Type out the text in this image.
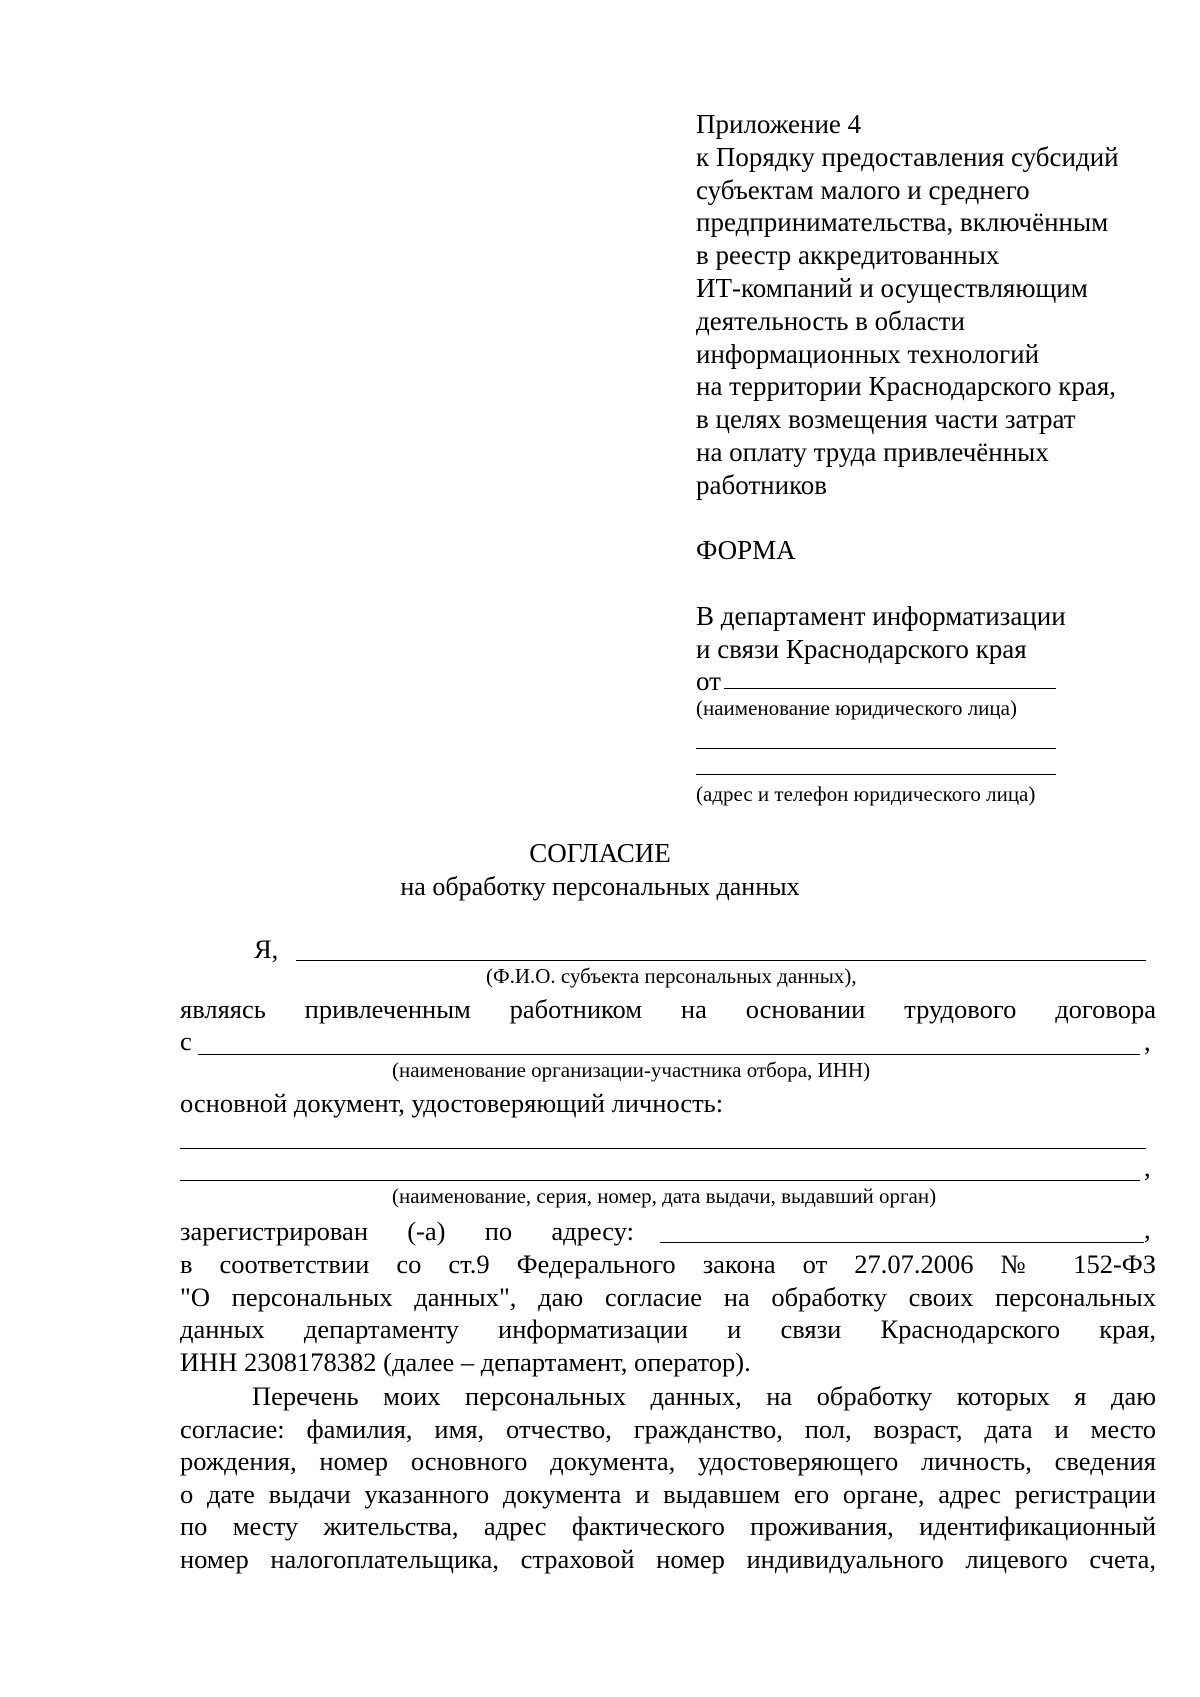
Приложение 4
к Порядку предоставления субсидий
субъектам малого и среднего
предпринимательства, включённым
в реестр аккредитованных
ИТ-компаний и осуществляющим
деятельность в области
информационных технологий
на территории Краснодарского края,
в целях возмещения части затрат
на оплату труда привлечённых
работников
ФОРМА
В департамент информатизации
и связи Краснодарского края
от
(наименование юридического лица)
(адрес и телефон юридического лица)
СОГЛАСИЕ
на обработку персональных данных
Я,
(Ф.И.О. субъекта персональных данных),
являясь привлеченным работником на основании трудового договора
с	,
(наименование организации-участника отбора, ИНН)
основной документ, удостоверяющий личность:
,
(наименование, серия, номер, дата выдачи, выдавший орган)
зарегистрирован (-а) по адресу:	,
в соответствии со ст.9 Федерального закона от 27.07.2006 № 152-ФЗ
"О персональных данных", даю согласие на обработку своих персональных
данных департаменту информатизации и связи Краснодарского края,
ИНН 2308178382 (далее – департамент, оператор).
Перечень моих персональных данных, на обработку которых я даю
согласие: фамилия, имя, отчество, гражданство, пол, возраст, дата и место
рождения, номер основного документа, удостоверяющего личность, сведения
о дате выдачи указанного документа и выдавшем его органе, адрес регистрации
по месту жительства, адрес фактического проживания, идентификационный
номер налогоплательщика, страховой номер индивидуального лицевого счета,
